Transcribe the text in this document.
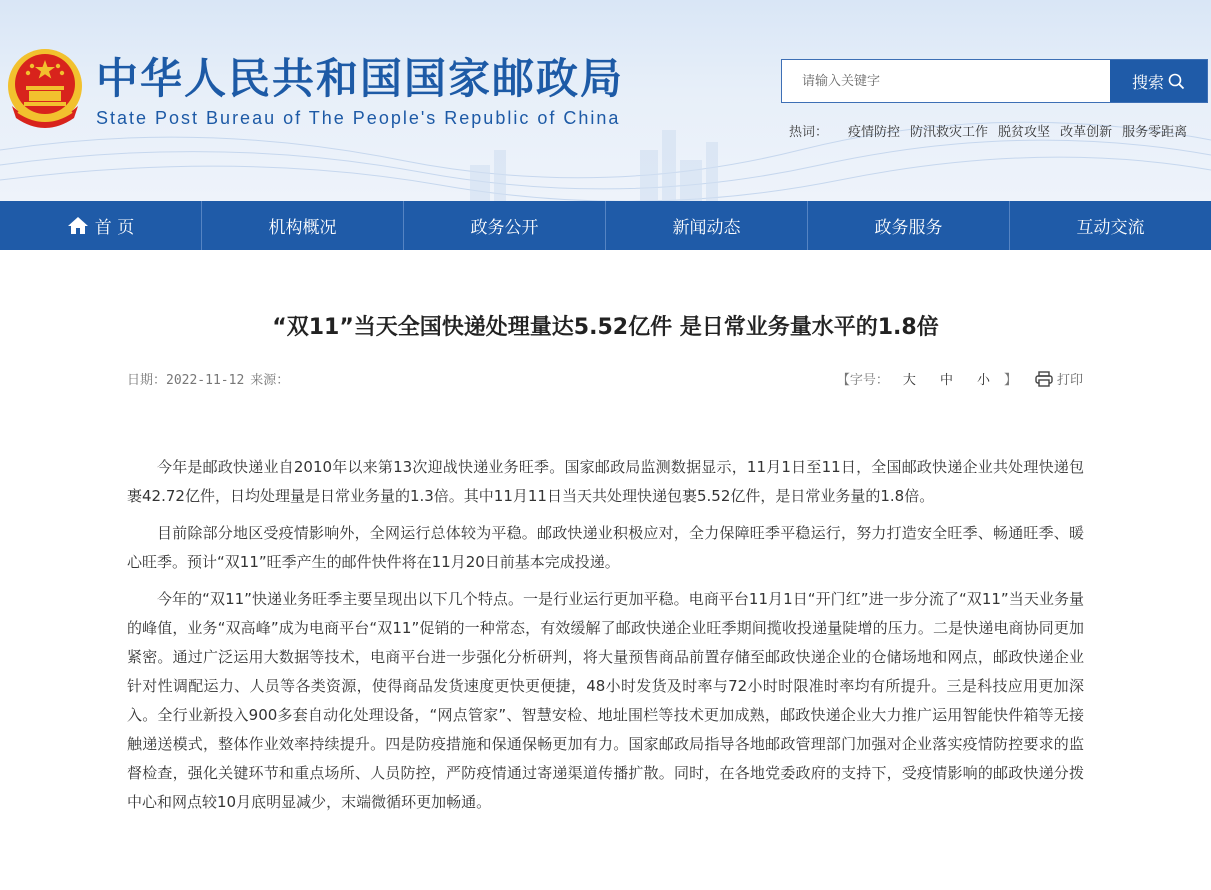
中华人民共和国国家邮政局
State Post Bureau of The People's Republic of China
请输入关键字
搜索
热词： 疫情防控 防汛救灾工作 脱贫攻坚 改革创新 服务零距离
首 页	机构概况	政务公开	新闻动态	政务服务	互动交流
“双11”当天全国快递处理量达5.52亿件 是日常业务量水平的1.8倍
日期：2022-11-12 来源：	【字号： 大 中 小 】	打印

今年是邮政快递业自2010年以来第13次迎战快递业务旺季。国家邮政局监测数据显示，11月1日至11日，全国邮政快递企业共处理快递包裹42.72亿件，日均处理量是日常业务量的1.3倍。其中11月11日当天共处理快递包裹5.52亿件，是日常业务量的1.8倍。

目前除部分地区受疫情影响外，全网运行总体较为平稳。邮政快递业积极应对，全力保障旺季平稳运行，努力打造安全旺季、畅通旺季、暖心旺季。预计“双11”旺季产生的邮件快件将在11月20日前基本完成投递。

今年的“双11”快递业务旺季主要呈现出以下几个特点。一是行业运行更加平稳。电商平台11月1日“开门红”进一步分流了“双11”当天业务量的峰值，业务“双高峰”成为电商平台“双11”促销的一种常态，有效缓解了邮政快递企业旺季期间揽收投递量陡增的压力。二是快递电商协同更加紧密。通过广泛运用大数据等技术，电商平台进一步强化分析研判，将大量预售商品前置存储至邮政快递企业的仓储场地和网点，邮政快递企业针对性调配运力、人员等各类资源，使得商品发货速度更快更便捷，48小时发货及时率与72小时时限准时率均有所提升。三是科技应用更加深入。全行业新投入900多套自动化处理设备，“网点管家”、智慧安检、地址围栏等技术更加成熟，邮政快递企业大力推广运用智能快件箱等无接触递送模式，整体作业效率持续提升。四是防疫措施和保通保畅更加有力。国家邮政局指导各地邮政管理部门加强对企业落实疫情防控要求的监督检查，强化关键环节和重点场所、人员防控，严防疫情通过寄递渠道传播扩散。同时，在各地党委政府的支持下，受疫情影响的邮政快递分拨中心和网点较10月底明显减少，末端微循环更加畅通。
